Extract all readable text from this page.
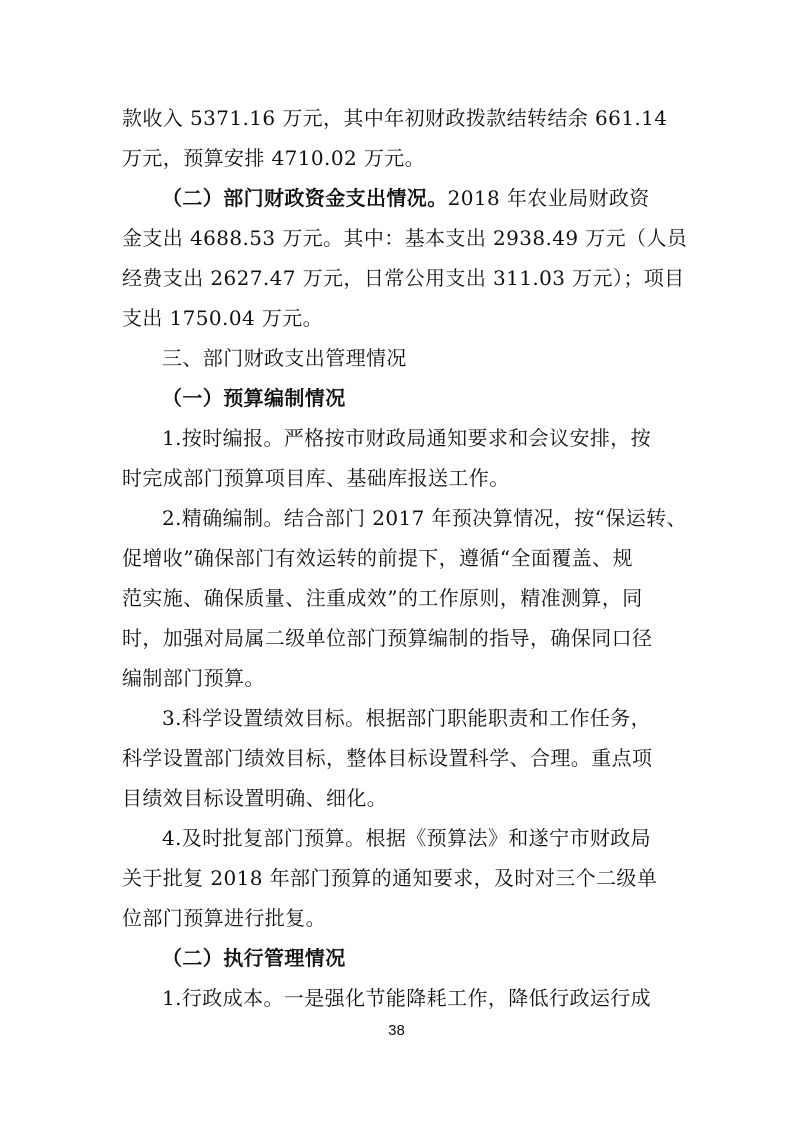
款收入 5371.16 万元，其中年初财政拨款结转结余 661.14
万元，预算安排 4710.02 万元。
（二）部门财政资金支出情况。2018 年农业局财政资
金支出 4688.53 万元。其中：基本支出 2938.49 万元（人员
经费支出 2627.47 万元，日常公用支出 311.03 万元）；项目
支出 1750.04 万元。
三、部门财政支出管理情况
（一）预算编制情况
1.按时编报。严格按市财政局通知要求和会议安排，按
时完成部门预算项目库、基础库报送工作。
2.精确编制。结合部门 2017 年预决算情况，按“保运转、
促增收”确保部门有效运转的前提下，遵循“全面覆盖、规
范实施、确保质量、注重成效”的工作原则，精准测算，同
时，加强对局属二级单位部门预算编制的指导，确保同口径
编制部门预算。
3.科学设置绩效目标。根据部门职能职责和工作任务，
科学设置部门绩效目标，整体目标设置科学、合理。重点项
目绩效目标设置明确、细化。
4.及时批复部门预算。根据《预算法》和遂宁市财政局
关于批复 2018 年部门预算的通知要求，及时对三个二级单
位部门预算进行批复。
（二）执行管理情况
1.行政成本。一是强化节能降耗工作，降低行政运行成
38
